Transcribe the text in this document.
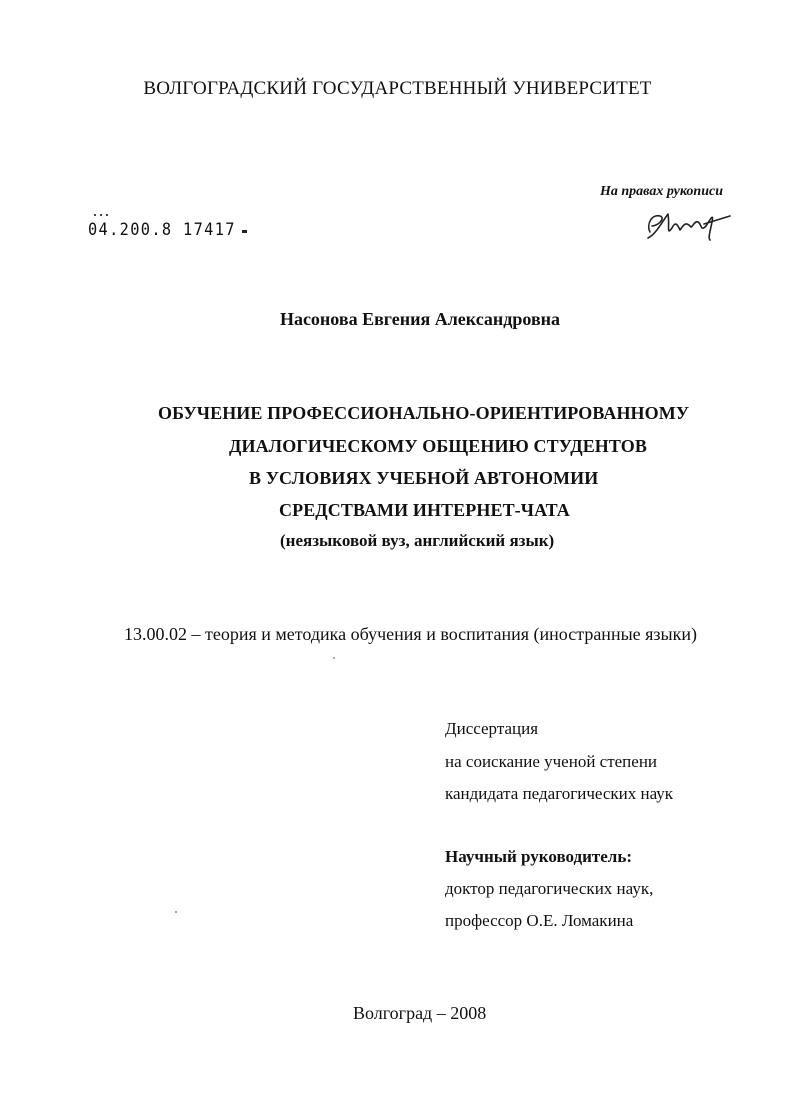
ВОЛГОГРАДСКИЙ ГОСУДАРСТВЕННЫЙ УНИВЕРСИТЕТ
На правах рукописи
04.200.8 17417
Насонова Евгения Александровна
ОБУЧЕНИЕ ПРОФЕССИОНАЛЬНО-ОРИЕНТИРОВАННОМУ
ДИАЛОГИЧЕСКОМУ ОБЩЕНИЮ СТУДЕНТОВ
В УСЛОВИЯХ УЧЕБНОЙ АВТОНОМИИ
СРЕДСТВАМИ ИНТЕРНЕТ-ЧАТА
(неязыковой вуз, английский язык)
13.00.02 – теория и методика обучения и воспитания (иностранные языки)
Диссертация
на соискание ученой степени
кандидата педагогических наук
Научный руководитель:
доктор педагогических наук,
профессор О.Е. Ломакина
Волгоград – 2008
